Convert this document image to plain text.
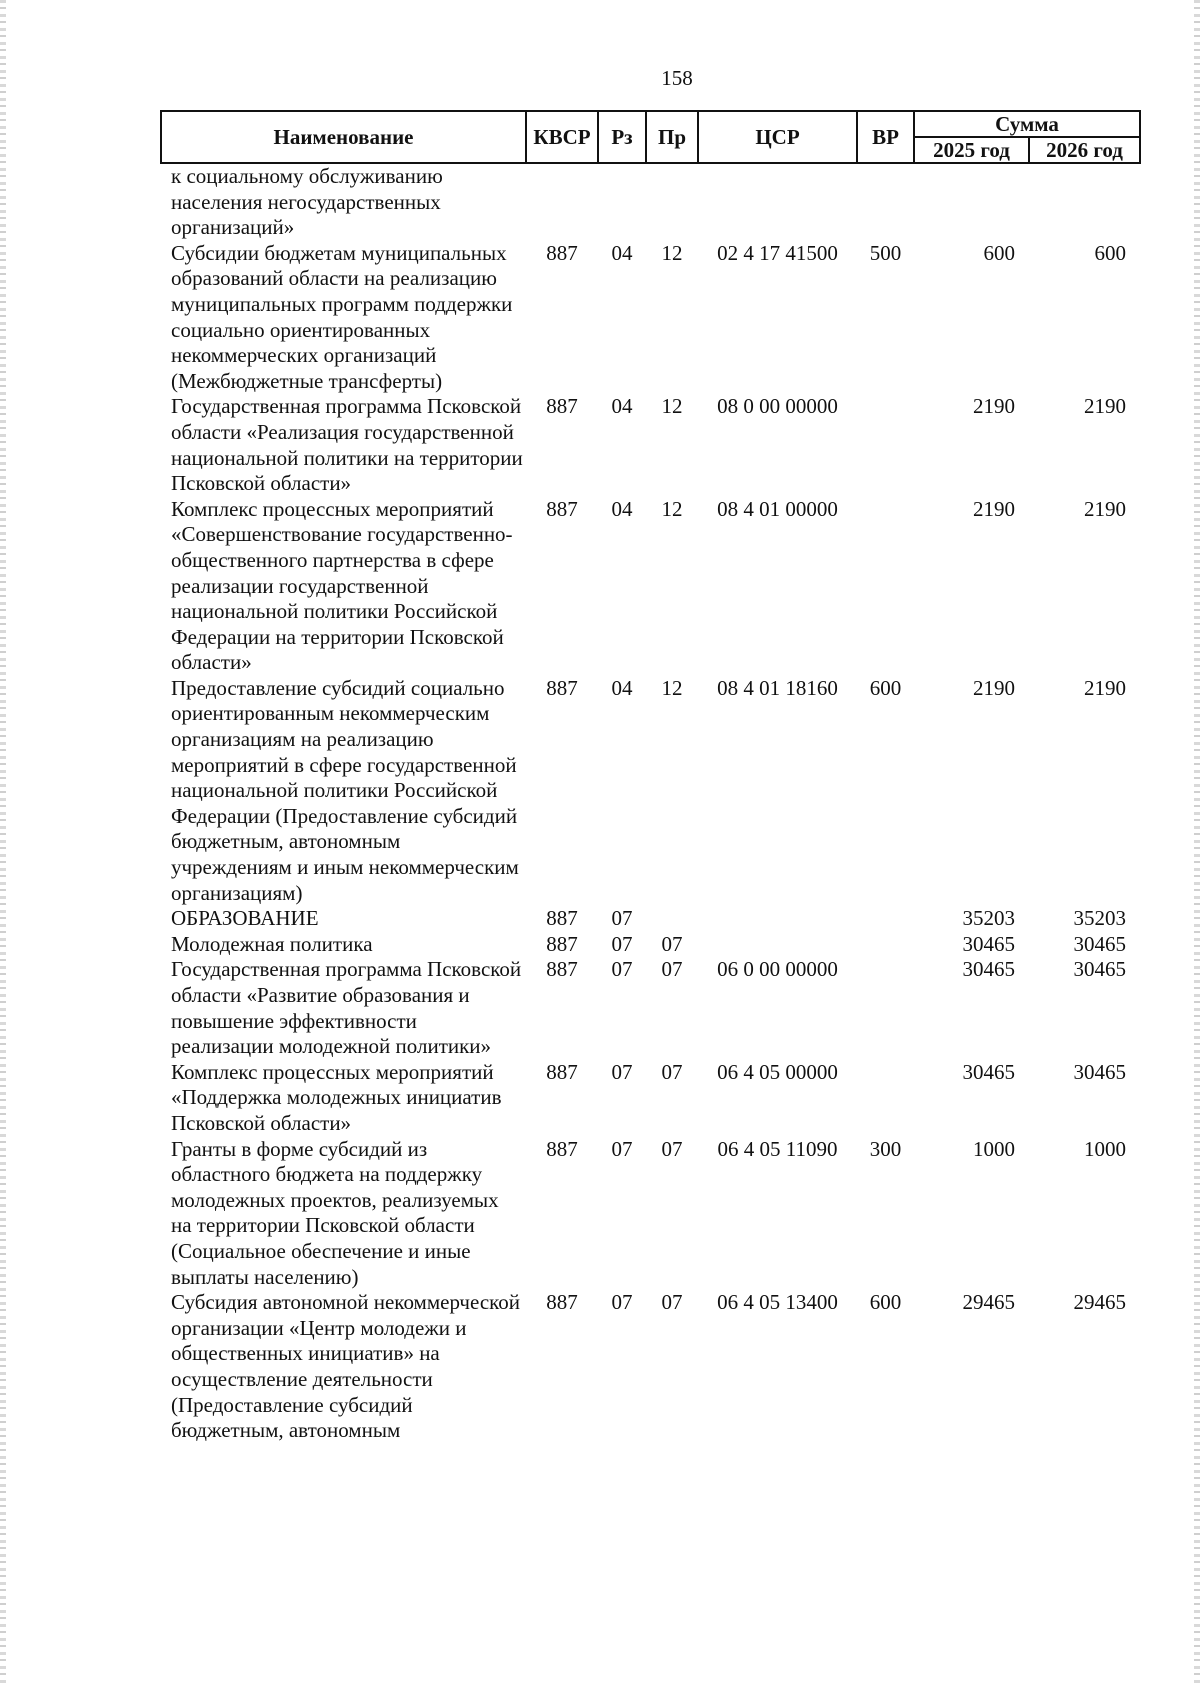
158
Наименование	КВСР	Рз	Пр	ЦСР	ВР	Сумма	
						2025 год	2026 год
к социальному обслуживанию населения негосударственных организаций»							
Субсидии бюджетам муниципальных образований области на реализацию муниципальных программ поддержки социально ориентированных некоммерческих организаций (Межбюджетные трансферты)	887	04	12	02 4 17 41500	500	600	600
Государственная программа Псковской области «Реализация государственной национальной политики на территории Псковской области»	887	04	12	08 0 00 00000		2190	2190
Комплекс процессных мероприятий «Совершенствование государственно-общественного партнерства в сфере реализации государственной национальной политики Российской Федерации на территории Псковской области»	887	04	12	08 4 01 00000		2190	2190
Предоставление субсидий социально ориентированным некоммерческим организациям на реализацию мероприятий в сфере государственной национальной политики Российской Федерации (Предоставление субсидий бюджетным, автономным учреждениям и иным некоммерческим организациям)	887	04	12	08 4 01 18160	600	2190	2190
ОБРАЗОВАНИЕ	887	07				35203	35203
Молодежная политика	887	07	07			30465	30465
Государственная программа Псковской области «Развитие образования и повышение эффективности реализации молодежной политики»	887	07	07	06 0 00 00000		30465	30465
Комплекс процессных мероприятий «Поддержка молодежных инициатив Псковской области»	887	07	07	06 4 05 00000		30465	30465
Гранты в форме субсидий из областного бюджета на поддержку молодежных проектов, реализуемых на территории Псковской области (Социальное обеспечение и иные выплаты населению)	887	07	07	06 4 05 11090	300	1000	1000
Субсидия автономной некоммерческой организации «Центр молодежи и общественных инициатив» на осуществление деятельности (Предоставление субсидий бюджетным, автономным	887	07	07	06 4 05 13400	600	29465	29465
